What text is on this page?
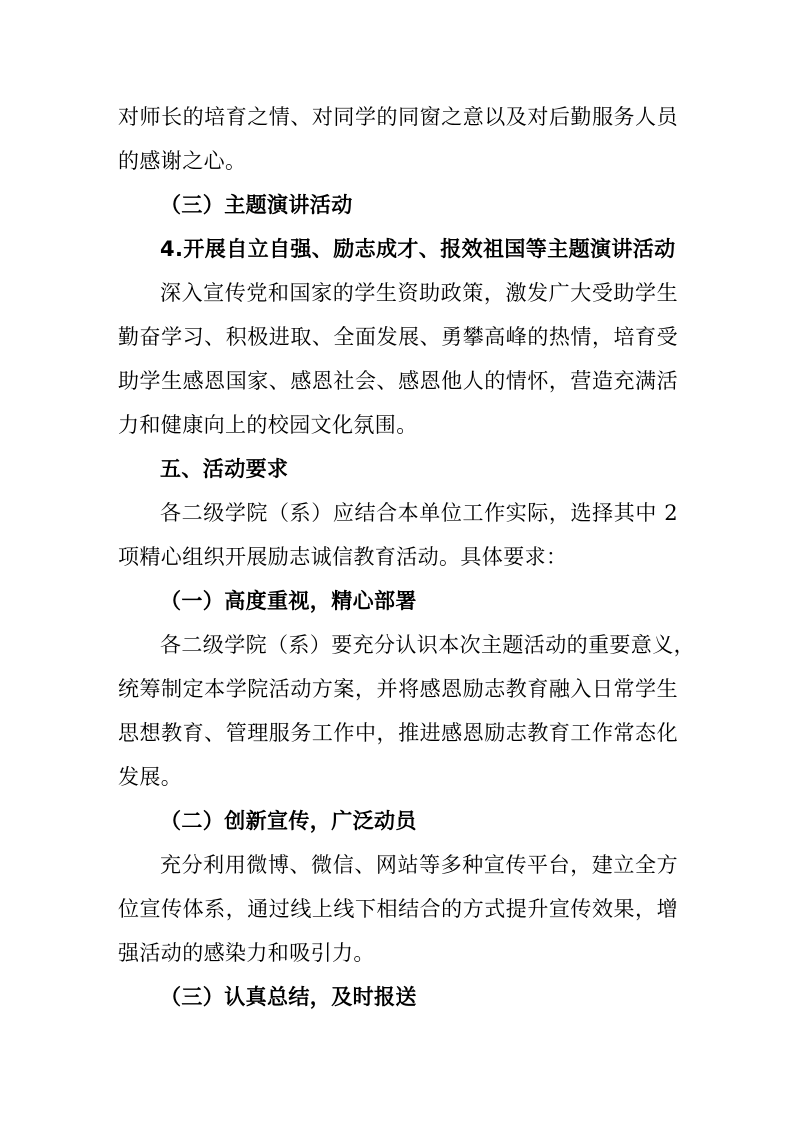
对师长的培育之情、对同学的同窗之意以及对后勤服务人员
的感谢之心。
（三）主题演讲活动
4.开展自立自强、励志成才、报效祖国等主题演讲活动
深入宣传党和国家的学生资助政策，激发广大受助学生
勤奋学习、积极进取、全面发展、勇攀高峰的热情，培育受
助学生感恩国家、感恩社会、感恩他人的情怀，营造充满活
力和健康向上的校园文化氛围。
五、活动要求
各二级学院（系）应结合本单位工作实际，选择其中 2
项精心组织开展励志诚信教育活动。具体要求：
（一）高度重视，精心部署
各二级学院（系）要充分认识本次主题活动的重要意义，
统筹制定本学院活动方案，并将感恩励志教育融入日常学生
思想教育、管理服务工作中，推进感恩励志教育工作常态化
发展。
（二）创新宣传，广泛动员
充分利用微博、微信、网站等多种宣传平台，建立全方
位宣传体系，通过线上线下相结合的方式提升宣传效果，增
强活动的感染力和吸引力。
（三）认真总结，及时报送
